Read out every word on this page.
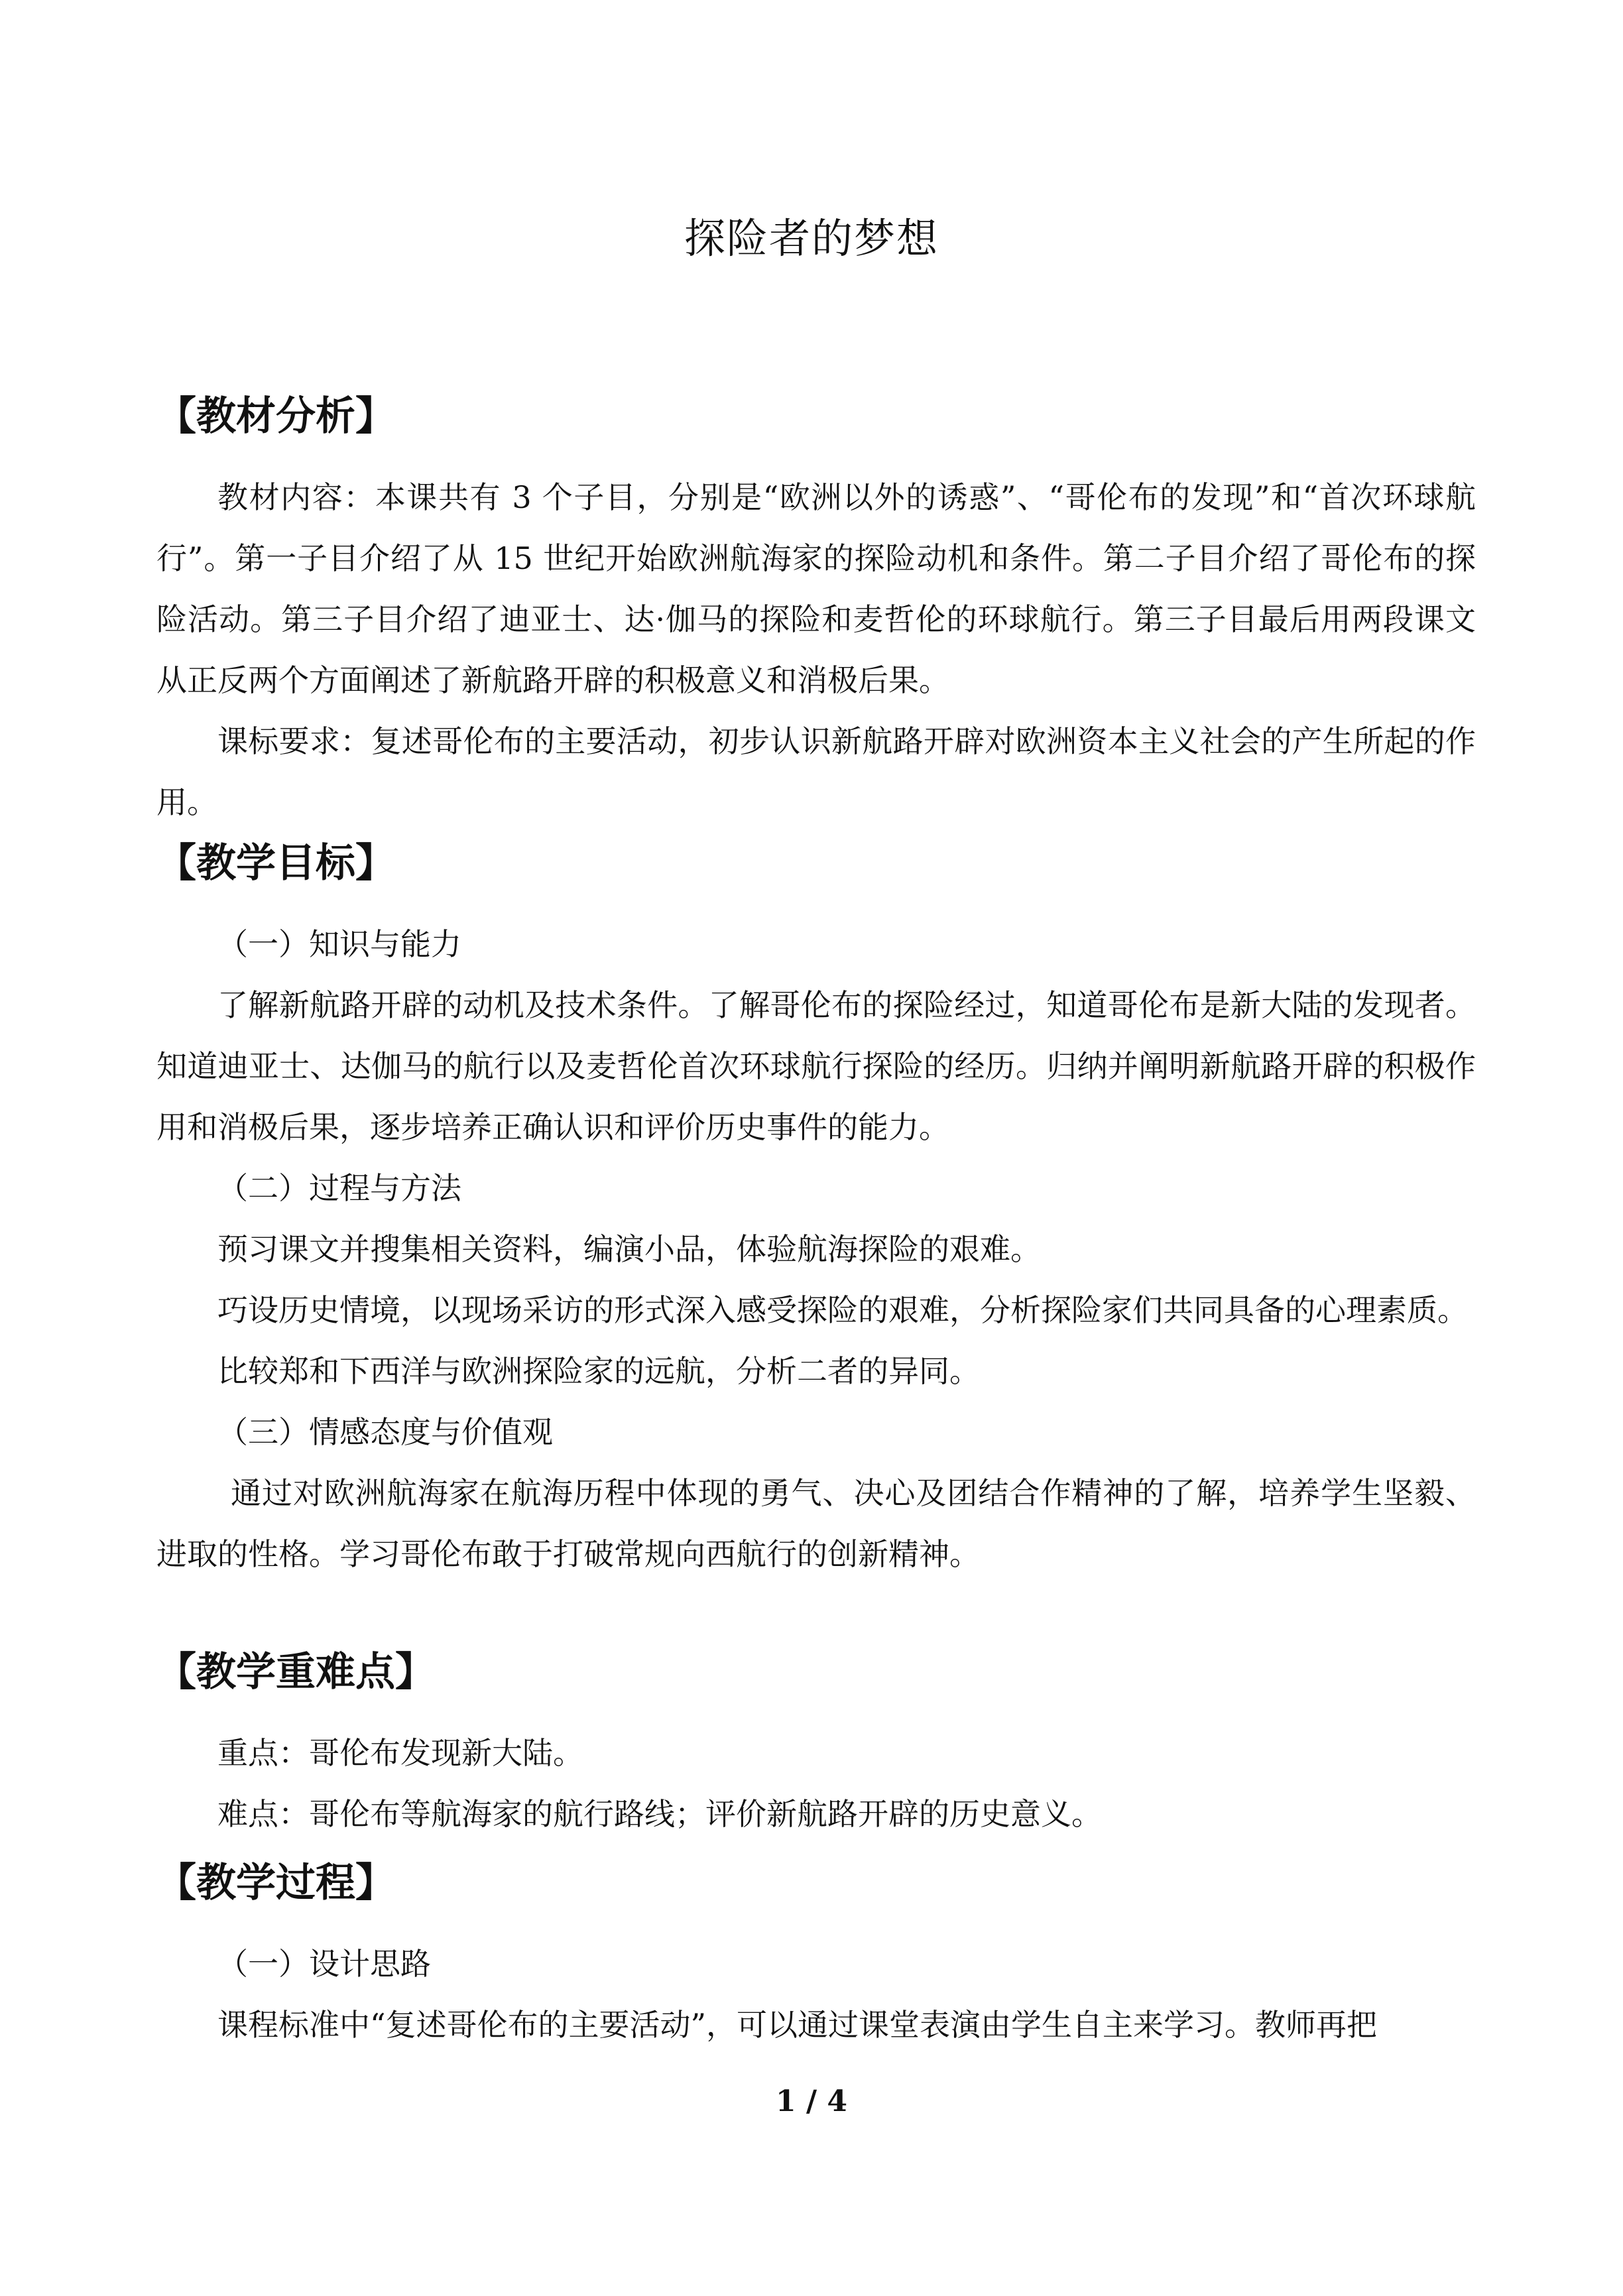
探险者的梦想
【教材分析】

教材内容：本课共有 3 个子目，分别是“欧洲以外的诱惑”、“哥伦布的发现”和“首次环球航行”。第一子目介绍了从 15 世纪开始欧洲航海家的探险动机和条件。第二子目介绍了哥伦布的探险活动。第三子目介绍了迪亚士、达·伽马的探险和麦哲伦的环球航行。第三子目最后用两段课文从正反两个方面阐述了新航路开辟的积极意义和消极后果。

课标要求：复述哥伦布的主要活动，初步认识新航路开辟对欧洲资本主义社会的产生所起的作用。

【教学目标】

（一）知识与能力

了解新航路开辟的动机及技术条件。了解哥伦布的探险经过，知道哥伦布是新大陆的发现者。知道迪亚士、达伽马的航行以及麦哲伦首次环球航行探险的经历。归纳并阐明新航路开辟的积极作用和消极后果，逐步培养正确认识和评价历史事件的能力。

（二）过程与方法

预习课文并搜集相关资料，编演小品，体验航海探险的艰难。

巧设历史情境，以现场采访的形式深入感受探险的艰难，分析探险家们共同具备的心理素质。

比较郑和下西洋与欧洲探险家的远航，分析二者的异同。

（三）情感态度与价值观

通过对欧洲航海家在航海历程中体现的勇气、决心及团结合作精神的了解，培养学生坚毅、进取的性格。学习哥伦布敢于打破常规向西航行的创新精神。

【教学重难点】

重点：哥伦布发现新大陆。

难点：哥伦布等航海家的航行路线；评价新航路开辟的历史意义。

【教学过程】

（一）设计思路

课程标准中“复述哥伦布的主要活动”，可以通过课堂表演由学生自主来学习。教师再把

1 / 4
